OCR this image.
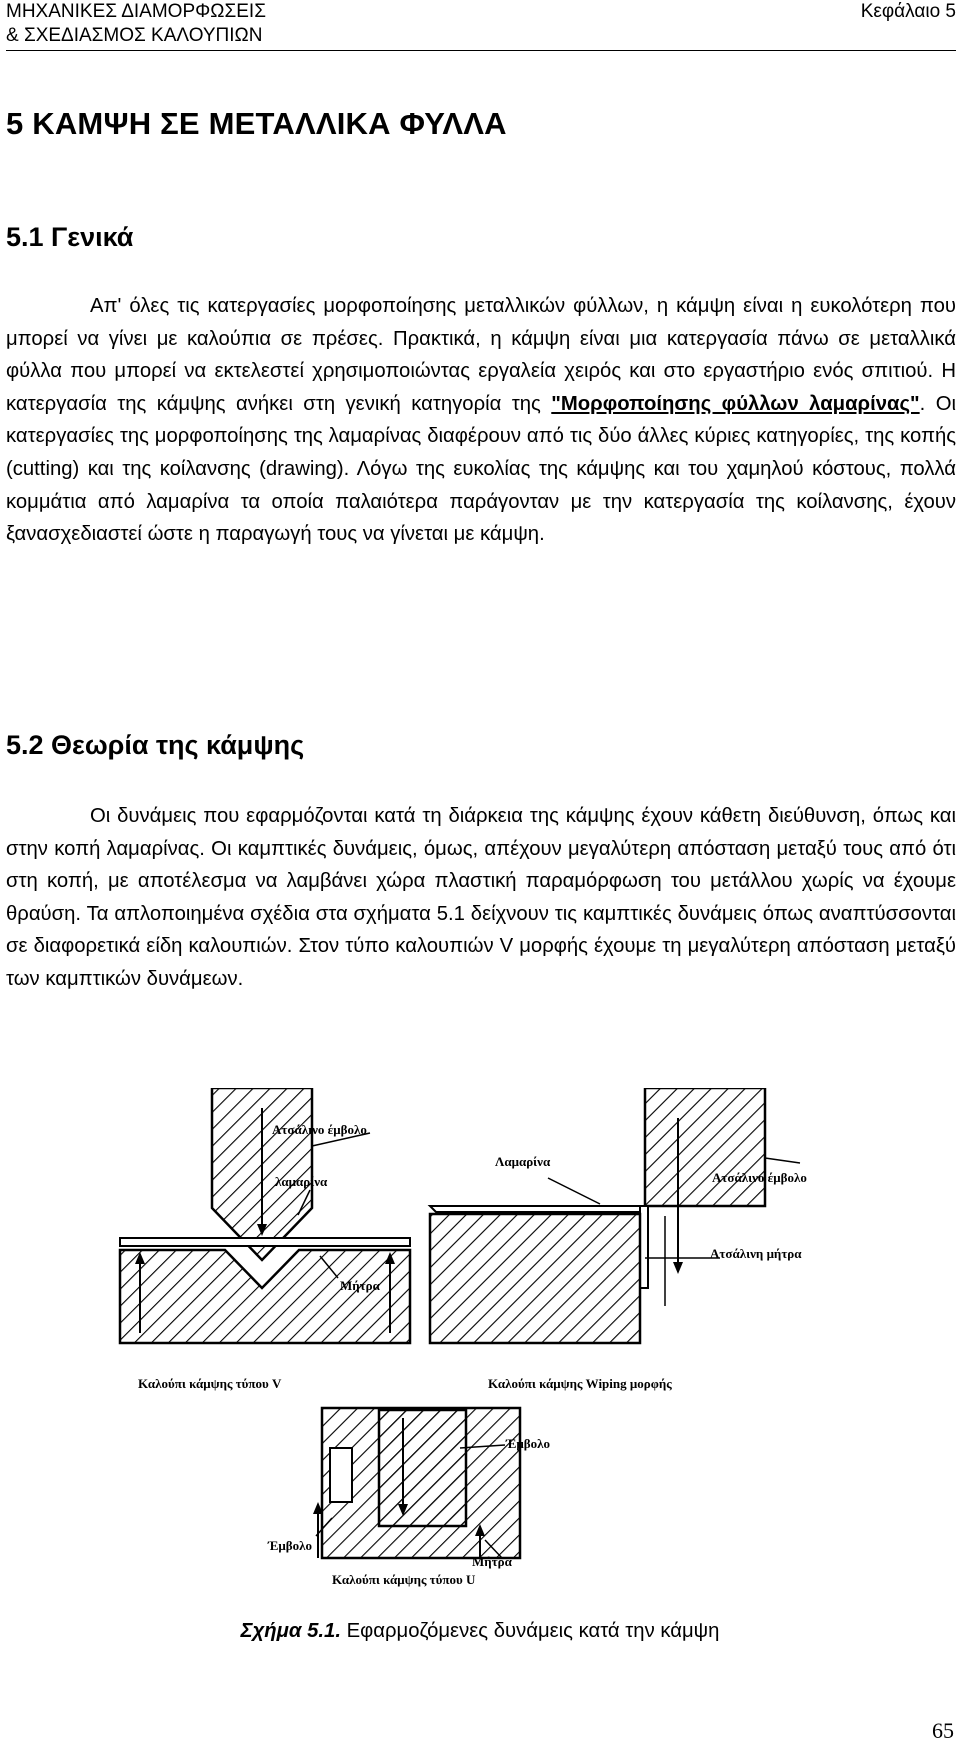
ΜΗΧΑΝΙΚΕΣ ΔΙΑΜΟΡΦΩΣΕΙΣ
& ΣΧΕΔΙΑΣΜΟΣ ΚΑΛΟΥΠΙΩΝ
Κεφάλαιο 5
5 ΚΑΜΨΗ ΣΕ ΜΕΤΑΛΛΙΚΑ ΦΥΛΛΑ
5.1 Γενικά

Απ' όλες τις κατεργασίες μορφοποίησης μεταλλικών φύλλων, η κάμψη είναι η ευκολότερη που μπορεί να γίνει με καλούπια σε πρέσες. Πρακτικά, η κάμψη είναι μια κατεργασία πάνω σε μεταλλικά φύλλα που μπορεί να εκτελεστεί χρησιμοποιώντας εργαλεία χειρός και στο εργαστήριο ενός σπιτιού. Η κατεργασία της κάμψης ανήκει στη γενική κατηγορία της "Μορφοποίησης φύλλων λαμαρίνας". Οι κατεργασίες της μορφοποίησης της λαμαρίνας διαφέρουν από τις δύο άλλες κύριες κατηγορίες, της κοπής (cutting) και της κοίλανσης (drawing). Λόγω της ευκολίας της κάμψης και του χαμηλού κόστους, πολλά κομμάτια από λαμαρίνα τα οποία παλαιότερα παράγονταν με την κατεργασία της κοίλανσης, έχουν ξανασχεδιαστεί ώστε η παραγωγή τους να γίνεται με κάμψη.

5.2 Θεωρία της κάμψης

Οι δυνάμεις που εφαρμόζονται κατά τη διάρκεια της κάμψης έχουν κάθετη διεύθυνση, όπως και στην κοπή λαμαρίνας. Οι καμπτικές δυνάμεις, όμως, απέχουν μεγαλύτερη απόσταση μεταξύ τους από ότι στη κοπή, με αποτέλεσμα να λαμβάνει χώρα πλαστική παραμόρφωση του μετάλλου χωρίς να έχουμε θραύση. Τα απλοποιημένα σχέδια στα σχήματα 5.1 δείχνουν τις καμπτικές δυνάμεις όπως αναπτύσσονται σε διαφορετικά είδη καλουπιών. Στον τύπο καλουπιών V μορφής έχουμε τη μεγαλύτερη απόσταση μεταξύ των καμπτικών δυνάμεων.

Ατσάλινο έμβολο
λαμαρίνα
Μήτρα
Καλούπι κάμψης τύπου V
Λαμαρίνα
Ατσάλινο έμβολο
Ατσάλινη μήτρα
Καλούπι κάμψης Wiping μορφής
Έμβολο
Έμβολο
Μήτρα
Καλούπι κάμψης τύπου U
Σχήμα 5.1. Εφαρμοζόμενες δυνάμεις κατά την κάμψη
65
